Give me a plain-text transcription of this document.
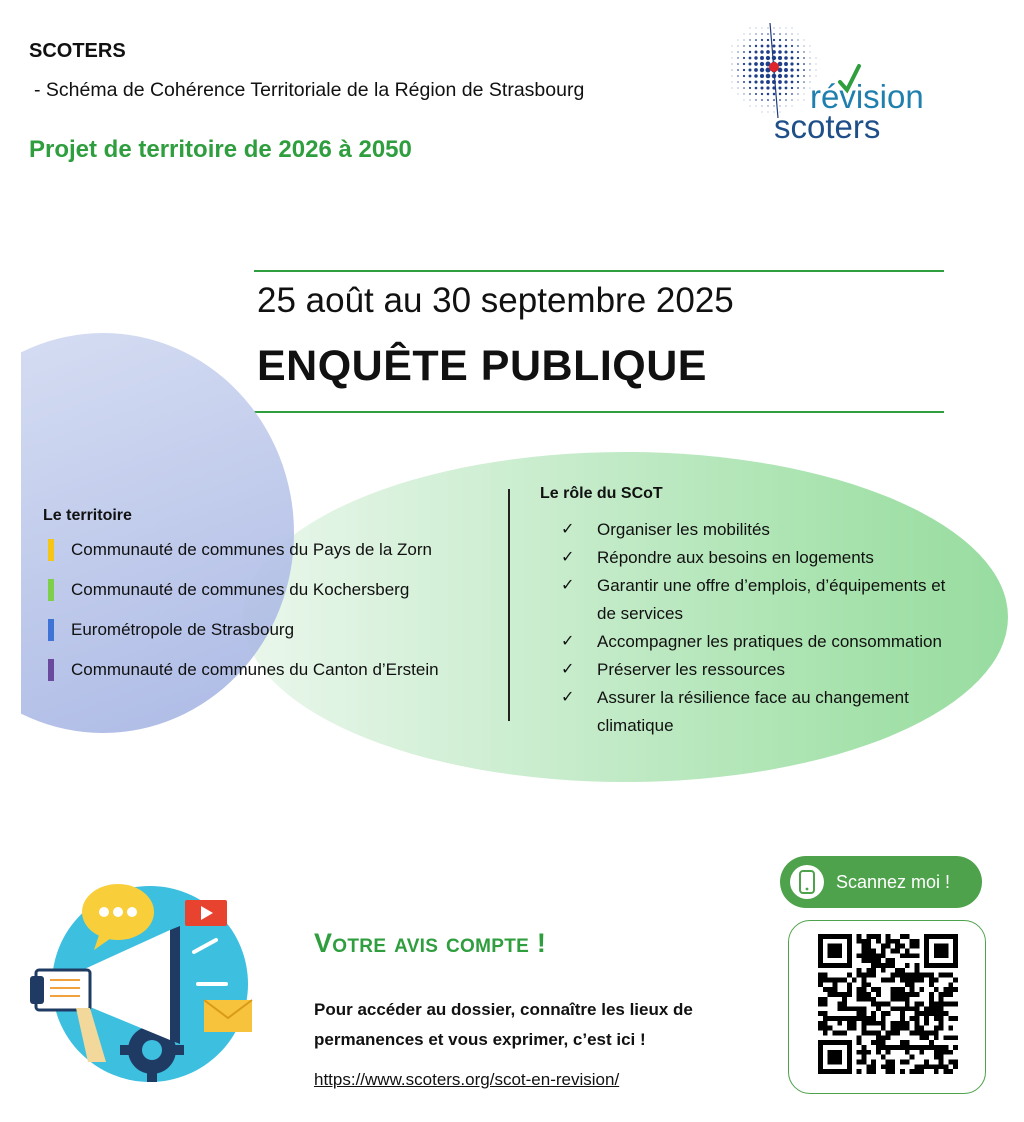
SCOTERS
- Schéma de Cohérence Territoriale de la Région de Strasbourg
Projet de territoire de 2026 à 2050
révision
scoters
25 août au 30 septembre 2025
ENQUÊTE PUBLIQUE
Le territoire
Communauté de communes du Pays de la Zorn
Communauté de communes du Kochersberg
Eurométropole de Strasbourg
Communauté de communes du Canton d’Erstein
Le rôle du SCoT
✓	Organiser les mobilités
✓	Répondre aux besoins en logements
✓	Garantir une offre d’emplois, d’équipements et de services
✓	Accompagner les pratiques de consommation
✓	Préserver les ressources
✓	Assurer la résilience face au changement climatique
Votre avis compte !
Pour accéder au dossier, connaître les lieux de permanences et vous exprimer, c’est ici !
https://www.scoters.org/scot-en-revision/
Scannez moi !
